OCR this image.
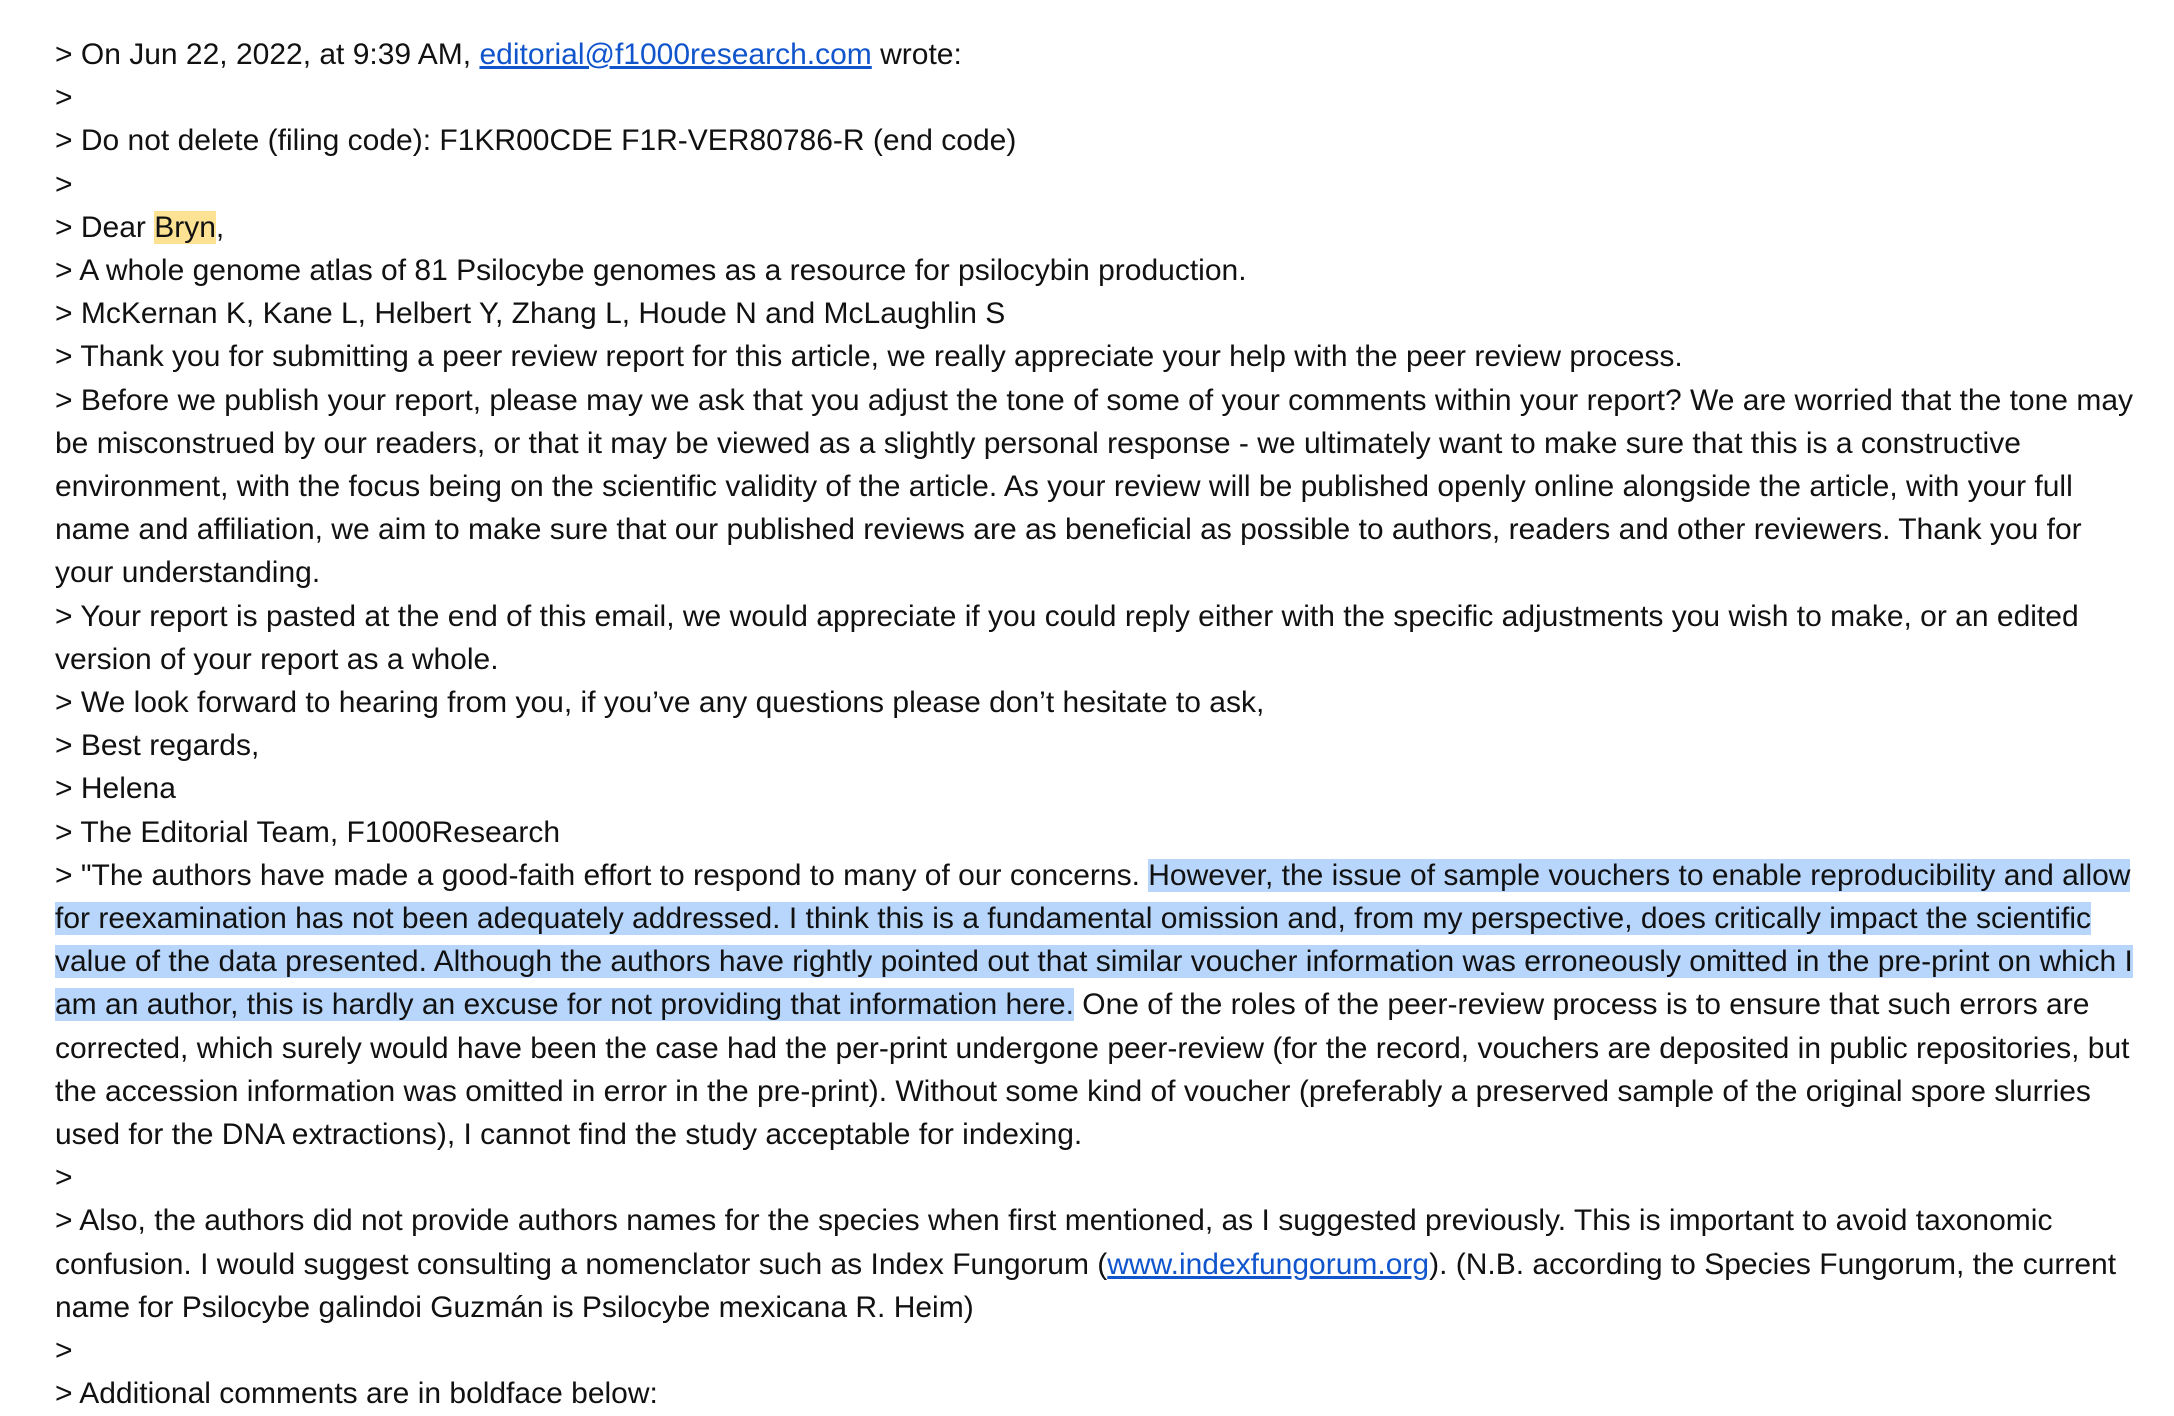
> On Jun 22, 2022, at 9:39 AM, editorial@f1000research.com wrote:
>
> Do not delete (filing code): F1KR00CDE F1R-VER80786-R (end code)
>
> Dear Bryn,
> A whole genome atlas of 81 Psilocybe genomes as a resource for psilocybin production.
> McKernan K, Kane L, Helbert Y, Zhang L, Houde N and McLaughlin S
> Thank you for submitting a peer review report for this article, we really appreciate your help with the peer review process.
> Before we publish your report, please may we ask that you adjust the tone of some of your comments within your report? We are worried that the tone may be misconstrued by our readers, or that it may be viewed as a slightly personal response - we ultimately want to make sure that this is a constructive environment, with the focus being on the scientific validity of the article. As your review will be published openly online alongside the article, with your full name and affiliation, we aim to make sure that our published reviews are as beneficial as possible to authors, readers and other reviewers. Thank you for your understanding.
> Your report is pasted at the end of this email, we would appreciate if you could reply either with the specific adjustments you wish to make, or an edited version of your report as a whole.
> We look forward to hearing from you, if you’ve any questions please don’t hesitate to ask,
> Best regards,
> Helena
> The Editorial Team, F1000Research
> "The authors have made a good-faith effort to respond to many of our concerns. However, the issue of sample vouchers to enable reproducibility and allow for reexamination has not been adequately addressed. I think this is a fundamental omission and, from my perspective, does critically impact the scientific value of the data presented. Although the authors have rightly pointed out that similar voucher information was erroneously omitted in the pre-print on which I am an author, this is hardly an excuse for not providing that information here. One of the roles of the peer-review process is to ensure that such errors are corrected, which surely would have been the case had the per-print undergone peer-review (for the record, vouchers are deposited in public repositories, but the accession information was omitted in error in the pre-print). Without some kind of voucher (preferably a preserved sample of the original spore slurries used for the DNA extractions), I cannot find the study acceptable for indexing.
>
> Also, the authors did not provide authors names for the species when first mentioned, as I suggested previously. This is important to avoid taxonomic confusion. I would suggest consulting a nomenclator such as Index Fungorum (www.indexfungorum.org). (N.B. according to Species Fungorum, the current name for Psilocybe galindoi Guzmán is Psilocybe mexicana R. Heim)
>
> Additional comments are in boldface below:
